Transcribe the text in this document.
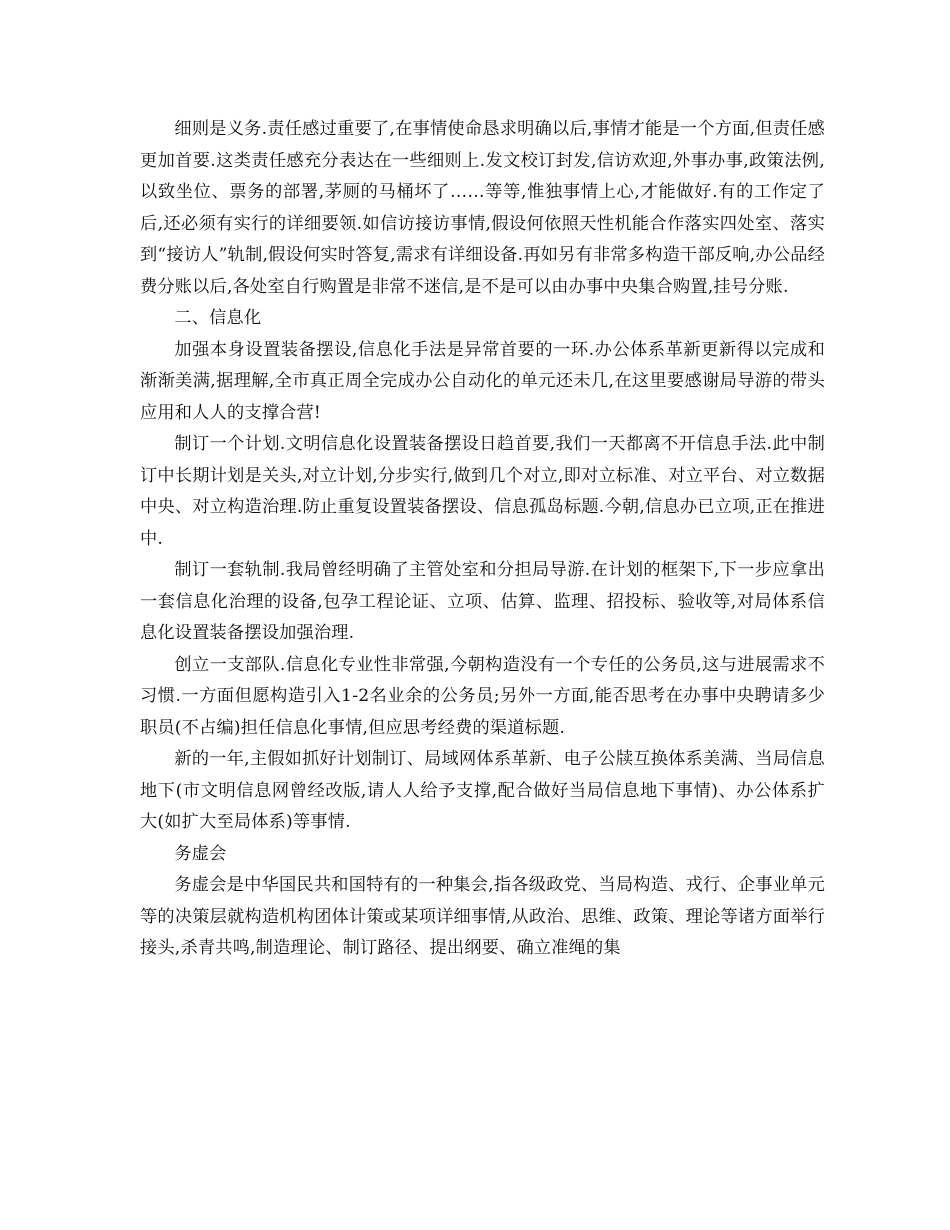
细则是义务.责任感过重要了,在事情使命恳求明确以后,事情才能是一个方面,但责任感更加首要.这类责任感充分表达在一些细则上.发文校订封发,信访欢迎,外事办事,政策法例,以致坐位、票务的部署,茅厕的马桶坏了……等等,惟独事情上心,才能做好.有的工作定了后,还必须有实行的详细要领.如信访接访事情,假设何依照天性机能合作落实四处室、落实到“接访人”轨制,假设何实时答复,需求有详细设备.再如另有非常多构造干部反响,办公品经费分账以后,各处室自行购置是非常不迷信,是不是可以由办事中央集合购置,挂号分账.

二、信息化

加强本身设置装备摆设,信息化手法是异常首要的一环.办公体系革新更新得以完成和渐渐美满,据理解,全市真正周全完成办公自动化的单元还未几,在这里要感谢局导游的带头应用和人人的支撑合营!

制订一个计划.文明信息化设置装备摆设日趋首要,我们一天都离不开信息手法.此中制订中长期计划是关头,对立计划,分步实行,做到几个对立,即对立标准、对立平台、对立数据中央、对立构造治理.防止重复设置装备摆设、信息孤岛标题.今朝,信息办已立项,正在推进中.

制订一套轨制.我局曾经明确了主管处室和分担局导游.在计划的框架下,下一步应拿出一套信息化治理的设备,包孕工程论证、立项、估算、监理、招投标、验收等,对局体系信息化设置装备摆设加强治理.

创立一支部队.信息化专业性非常强,今朝构造没有一个专任的公务员,这与进展需求不习惯.一方面但愿构造引入1-2名业余的公务员;另外一方面,能否思考在办事中央聘请多少职员(不占编)担任信息化事情,但应思考经费的渠道标题.

新的一年,主假如抓好计划制订、局域网体系革新、电子公牍互换体系美满、当局信息地下(市文明信息网曾经改版,请人人给予支撑,配合做好当局信息地下事情)、办公体系扩大(如扩大至局体系)等事情.

务虚会

务虚会是中华国民共和国特有的一种集会,指各级政党、当局构造、戎行、企事业单元等的决策层就构造机构团体计策或某项详细事情,从政治、思维、政策、理论等诸方面举行接头,杀青共鸣,制造理论、制订路径、提出纲要、确立准绳的集
